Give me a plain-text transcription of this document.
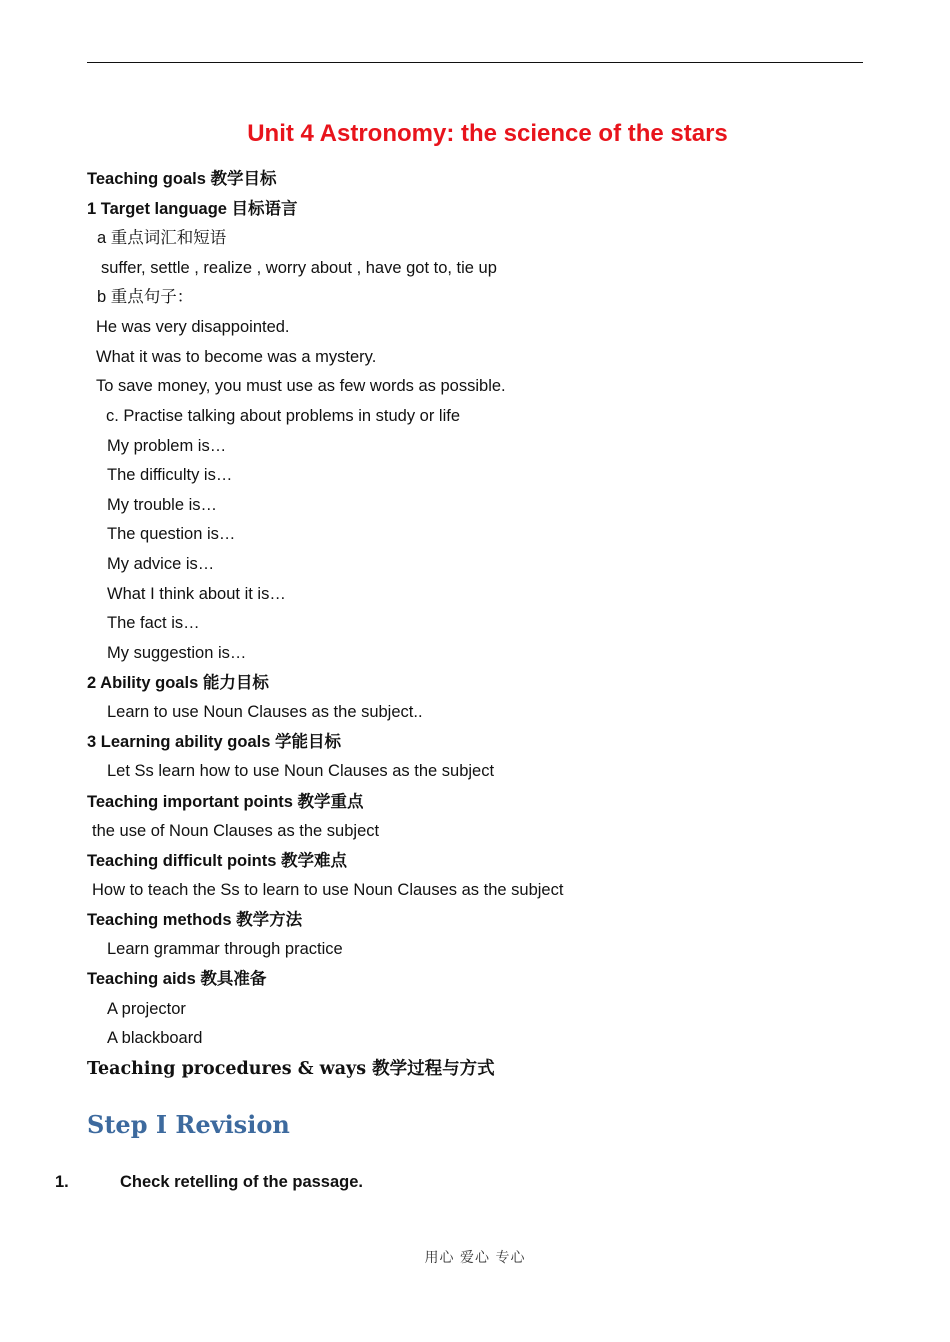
Unit 4 Astronomy: the science of the stars
Teaching goals 教学目标
1 Target language 目标语言
a 重点词汇和短语
suffer, settle , realize , worry about , have got to, tie up
b 重点句子：
He was very disappointed.
What it was to become was a mystery.
To save money, you must use as few words as possible.
c. Practise talking about problems in study or life
My problem is…
The difficulty is…
My trouble is…
The question is…
My advice is…
What I think about it is…
The fact is…
My suggestion is…
2 Ability goals 能力目标
Learn to use Noun Clauses as the subject..
3 Learning ability goals 学能目标
Let Ss learn how to use Noun Clauses as the subject
Teaching important points 教学重点
the use of Noun Clauses as the subject
Teaching difficult points 教学难点
How to teach the Ss to learn to use Noun Clauses as the subject
Teaching methods 教学方法
Learn grammar through practice
Teaching aids 教具准备
A projector
A blackboard
Teaching procedures & ways 教学过程与方式
Step I Revision
1.	Check retelling of the passage.
用心 爱心 专心
